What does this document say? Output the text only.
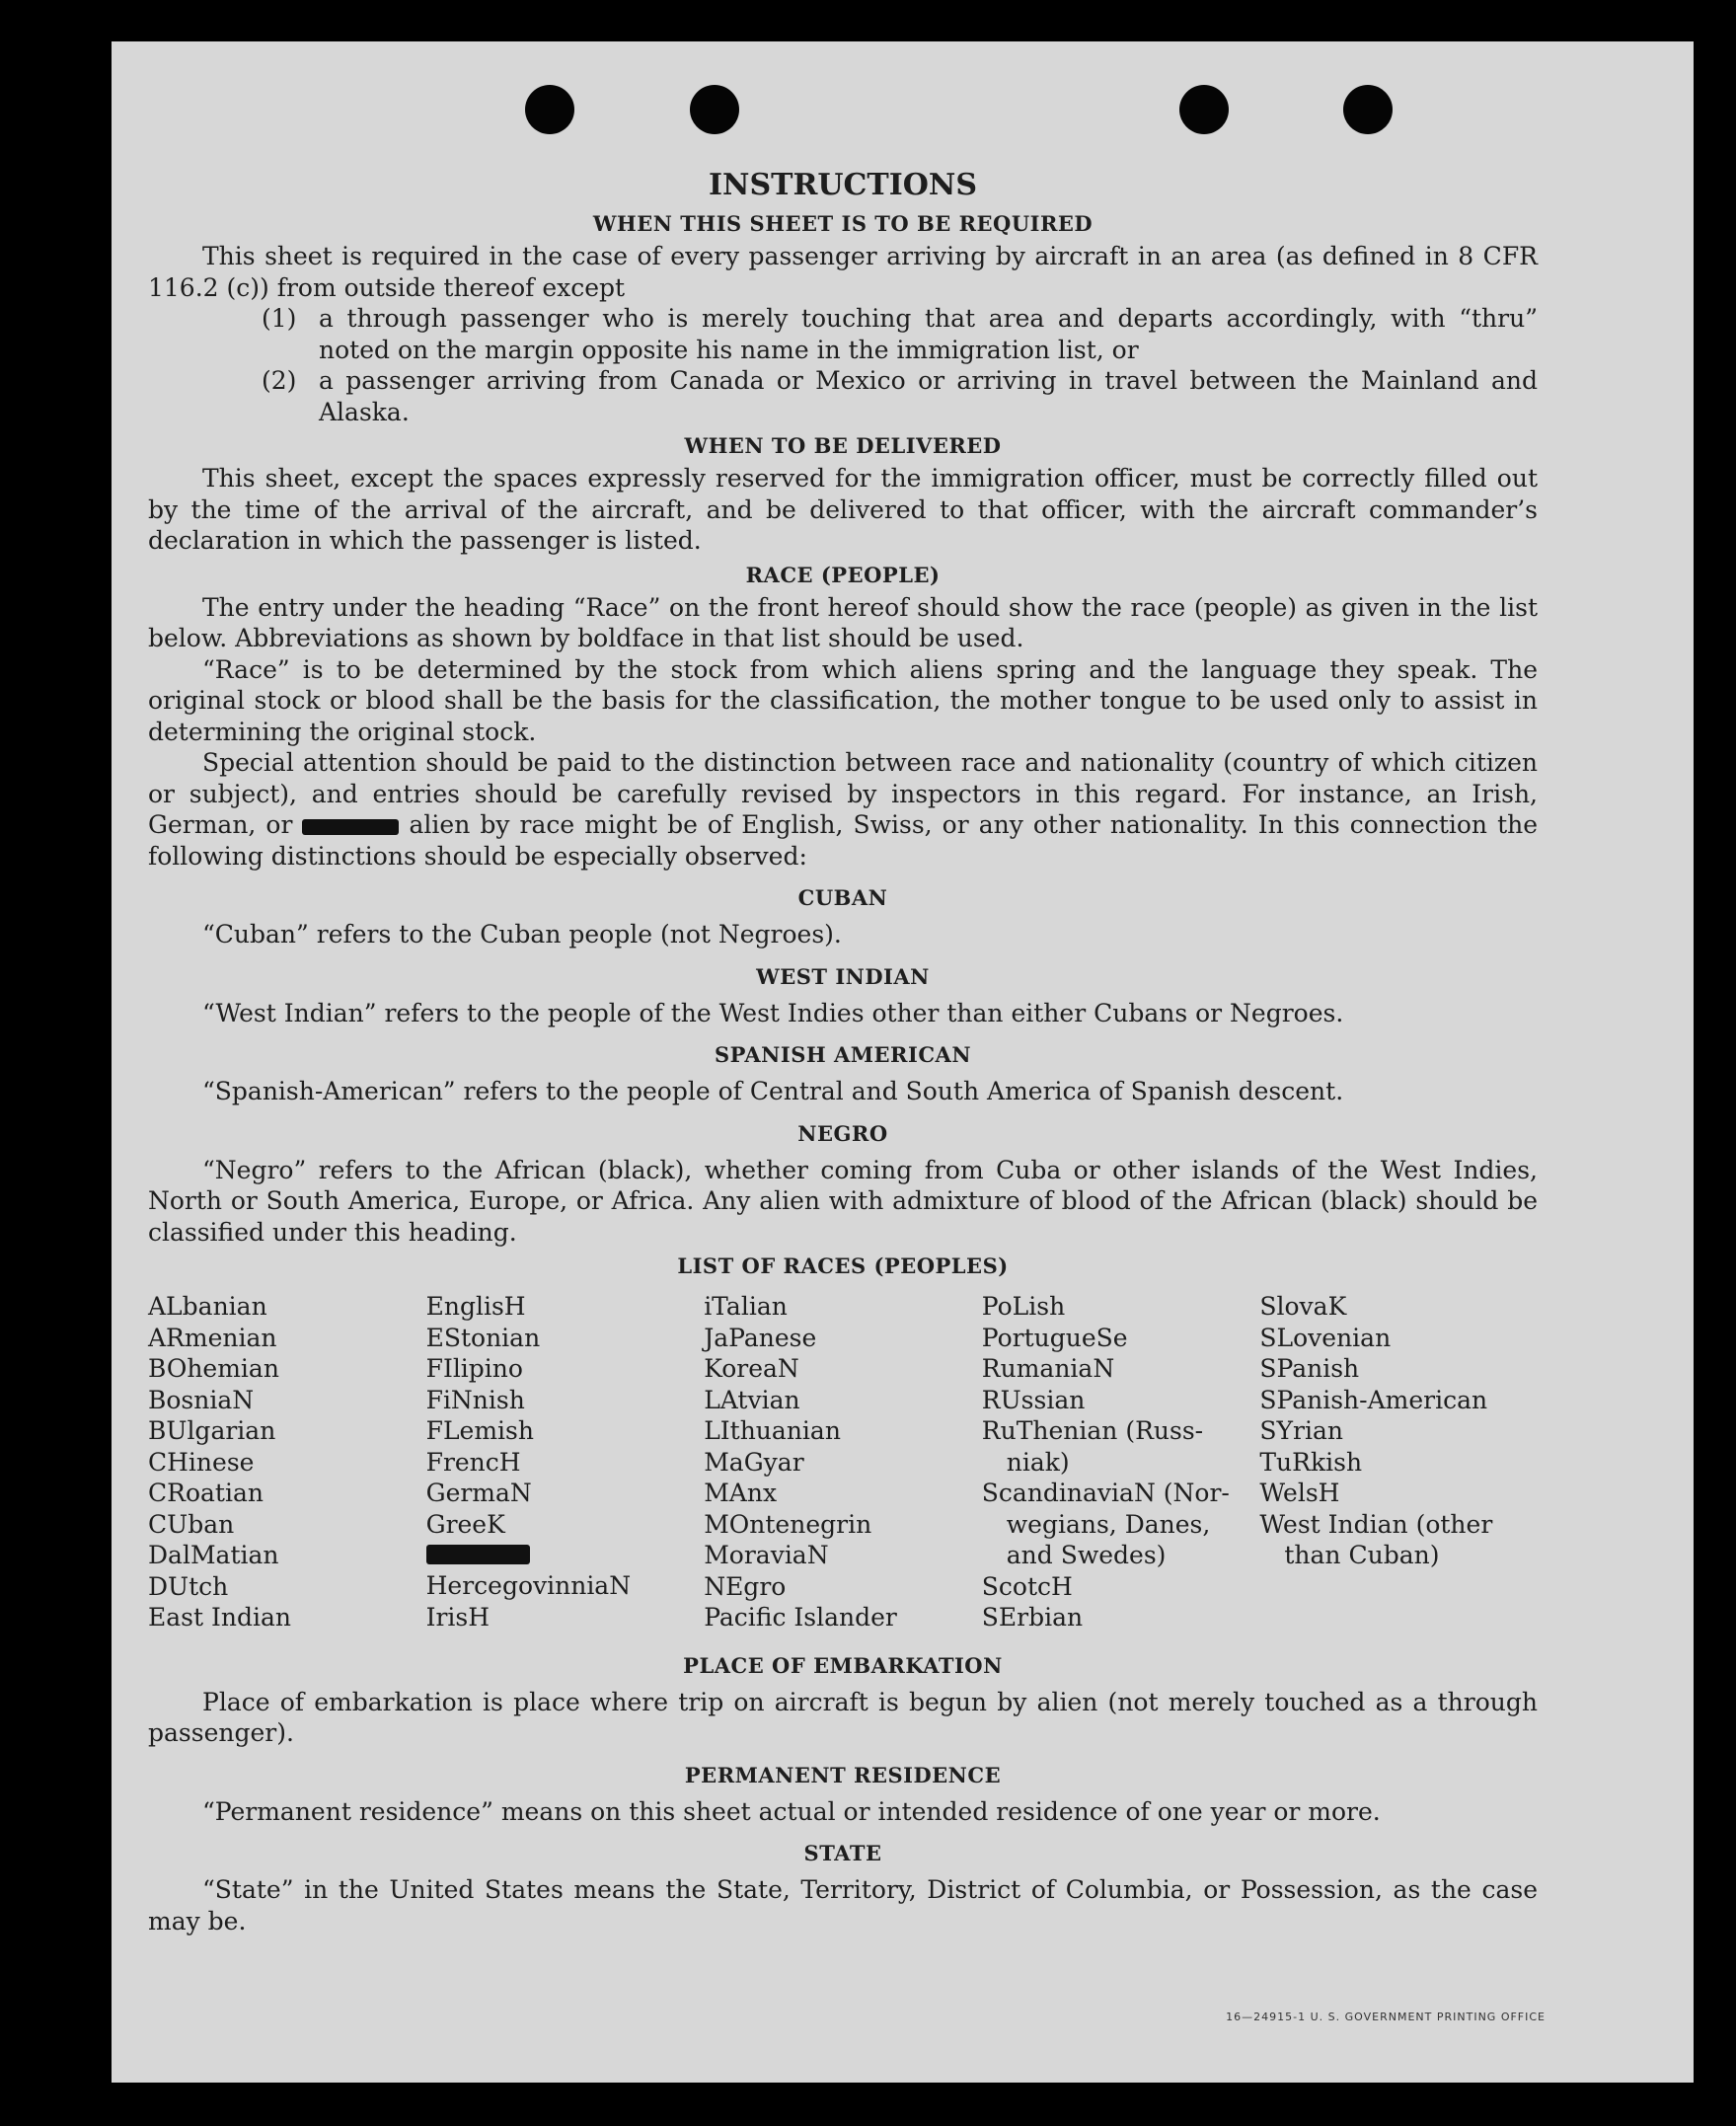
INSTRUCTIONS
WHEN THIS SHEET IS TO BE REQUIRED

This sheet is required in the case of every passenger arriving by aircraft in an area (as defined in 8 CFR 116.2 (c)) from outside thereof except

(1) a through passenger who is merely touching that area and departs accordingly, with “thru” noted on the margin opposite his name in the immigration list, or
(2) a passenger arriving from Canada or Mexico or arriving in travel between the Mainland and Alaska.
WHEN TO BE DELIVERED

This sheet, except the spaces expressly reserved for the immigration officer, must be correctly filled out by the time of the arrival of the aircraft, and be delivered to that officer, with the aircraft commander’s declaration in which the passenger is listed.

RACE (PEOPLE)

The entry under the heading “Race” on the front hereof should show the race (people) as given in the list below. Abbreviations as shown by boldface in that list should be used.

“Race” is to be determined by the stock from which aliens spring and the language they speak. The original stock or blood shall be the basis for the classification, the mother tongue to be used only to assist in determining the original stock.

Special attention should be paid to the distinction between race and nationality (country of which citizen or subject), and entries should be carefully revised by inspectors in this regard. For instance, an Irish, German, or	alien by race might be of English, Swiss, or any other nationality. In this connection the following distinctions should be especially observed:

CUBAN

“Cuban” refers to the Cuban people (not Negroes).

WEST INDIAN

“West Indian” refers to the people of the West Indies other than either Cubans or Negroes.

SPANISH AMERICAN

“Spanish-American” refers to the people of Central and South America of Spanish descent.

NEGRO

“Negro” refers to the African (black), whether coming from Cuba or other islands of the West Indies, North or South America, Europe, or Africa. Any alien with admixture of blood of the African (black) should be classified under this heading.

LIST OF RACES (PEOPLES)
ALbanian
ARmenian
BOhemian
BosniaN
BUlgarian
CHinese
CRoatian
CUban
DalMatian
DUtch
East Indian
EnglisH
EStonian
FIlipino
FiNnish
FLemish
FrencH
GermaN
GreeK
HercegovinniaN
IrisH
iTalian
JaPanese
KoreaN
LAtvian
LIthuanian
MaGyar
MAnx
MOntenegrin
MoraviaN
NEgro
Pacific Islander
PoLish
PortugueSe
RumaniaN
RUssian
RuThenian (Russ-
niak)
ScandinaviaN (Nor-
wegians, Danes,
and Swedes)
ScotcH
SErbian
SlovaK
SLovenian
SPanish
SPanish-American
SYrian
TuRkish
WelsH
West Indian (other
than Cuban)
PLACE OF EMBARKATION

Place of embarkation is place where trip on aircraft is begun by alien (not merely touched as a through passenger).

PERMANENT RESIDENCE

“Permanent residence” means on this sheet actual or intended residence of one year or more.

STATE

“State” in the United States means the State, Territory, District of Columbia, or Possession, as the case may be.

16—24915-1 U. S. GOVERNMENT PRINTING OFFICE
